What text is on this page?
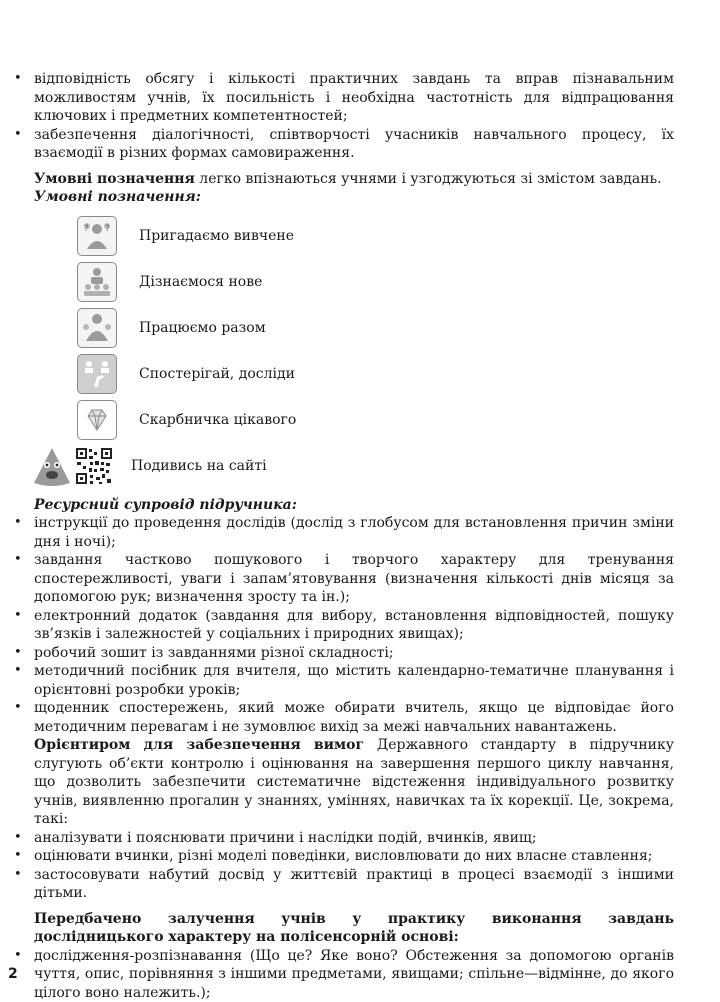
• відповідність обсягу і кількості практичних завдань та вправ пізнавальним можливостям учнів, їх посильність і необхідна частотність для відпрацювання ключових і предметних компетентностей;

• забезпечення діалогічності, співтворчості учасників навчального процесу, їх взаємодії в різних формах самовираження.

Умовні позначення легко впізнаються учнями і узгоджуються зі змістом завдань.

Умовні позначення:

?
?	Пригадаємо вивчене
Дізнаємося нове
Працюємо разом
Спостерігай, досліди
Скарбничка цікавого
Подивись на сайті

Ресурсний супровід підручника:

• інструкції до проведення дослідів (дослід з глобусом для встановлення причин зміни дня і ночі);

• завдання частково пошукового і творчого характеру для тренування спостережливості, уваги і запам’ятовування (визначення кількості днів місяця за допомогою рук; визначення зросту та ін.);

• електронний додаток (завдання для вибору, встановлення відповідностей, пошуку зв’язків і залежностей у соціальних і природних явищах);

• робочий зошит із завданнями різної складності;

• методичний посібник для вчителя, що містить календарно-тематичне планування і орієнтовні розробки уроків;

• щоденник спостережень, який може обирати вчитель, якщо це відповідає його методичним перевагам і не зумовлює вихід за межі навчальних навантажень.

Орієнтиром для забезпечення вимог Державного стандарту в підручнику слугують об’єкти контролю і оцінювання на завершення першого циклу навчання, що дозволить забезпечити систематичне відстеження індивідуального розвитку учнів, виявленню прогалин у знаннях, уміннях, навичках та їх корекції. Це, зокрема, такі:

• аналізувати і пояснювати причини і наслідки подій, вчинків, явищ;

• оцінювати вчинки, різні моделі поведінки, висловлювати до них власне ставлення;

• застосовувати набутий досвід у життєвій практиці в процесі взаємодії з іншими дітьми.

Передбачено залучення учнів у практику виконання завдань дослідницького характеру на полісенсорній основі:

• дослідження-розпізнавання (Що це? Яке воно? Обстеження за допомогою органів чуття, опис, порівняння з іншими предметами, явищами; спільне—відмінне, до якого цілого воно належить.);

2
